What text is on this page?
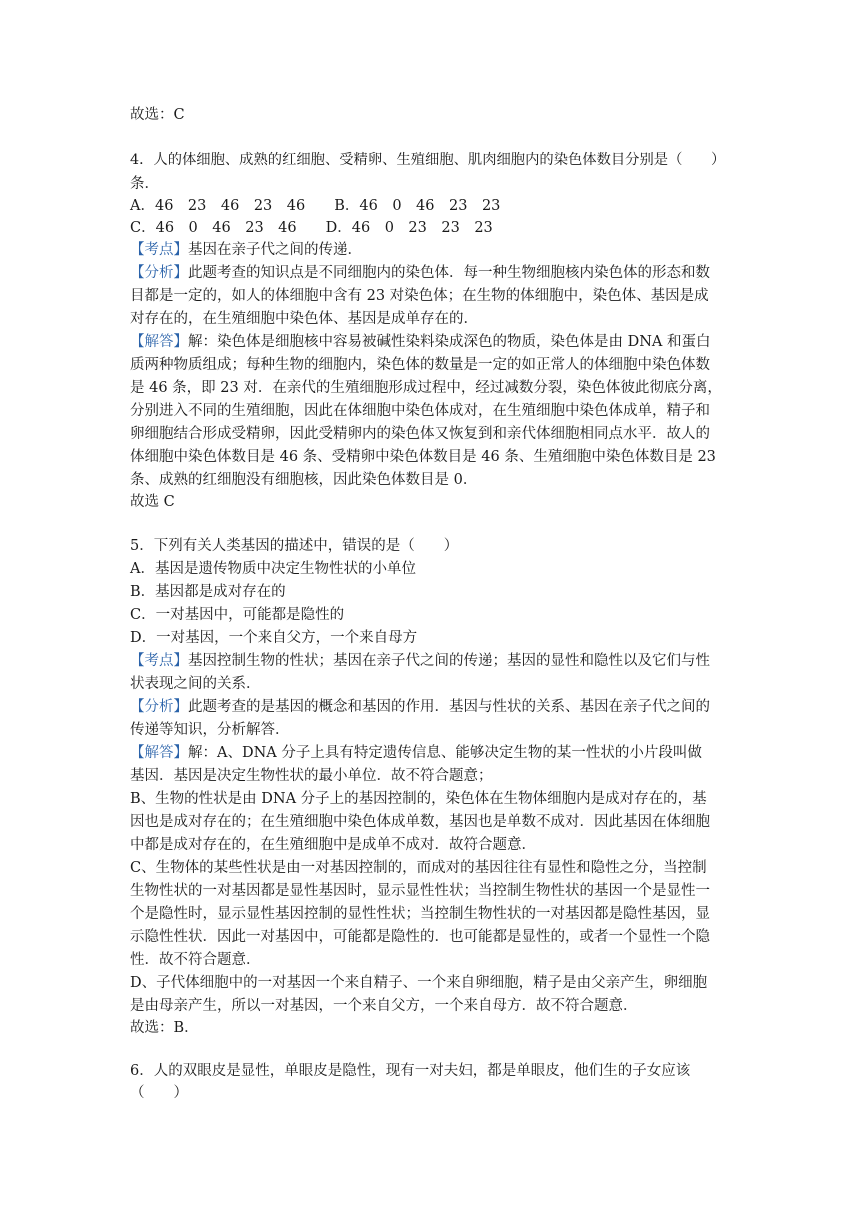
故选：C
4．人的体细胞、成熟的红细胞、受精卵、生殖细胞、肌肉细胞内的染色体数目分别是（　　）
条．
A．46　23　46　23　46　　B．46　0　46　23　23
C．46　0　46　23　46　　D．46　0　23　23　23
【考点】基因在亲子代之间的传递．
【分析】此题考查的知识点是不同细胞内的染色体．每一种生物细胞核内染色体的形态和数
目都是一定的，如人的体细胞中含有 23 对染色体；在生物的体细胞中，染色体、基因是成
对存在的，在生殖细胞中染色体、基因是成单存在的．
【解答】解：染色体是细胞核中容易被碱性染料染成深色的物质，染色体是由 DNA 和蛋白
质两种物质组成；每种生物的细胞内，染色体的数量是一定的如正常人的体细胞中染色体数
是 46 条，即 23 对．在亲代的生殖细胞形成过程中，经过减数分裂，染色体彼此彻底分离，
分别进入不同的生殖细胞，因此在体细胞中染色体成对，在生殖细胞中染色体成单，精子和
卵细胞结合形成受精卵，因此受精卵内的染色体又恢复到和亲代体细胞相同点水平．故人的
体细胞中染色体数目是 46 条、受精卵中染色体数目是 46 条、生殖细胞中染色体数目是 23
条、成熟的红细胞没有细胞核，因此染色体数目是 0．
故选 C
5．下列有关人类基因的描述中，错误的是（　　）
A．基因是遗传物质中决定生物性状的小单位
B．基因都是成对存在的
C．一对基因中，可能都是隐性的
D．一对基因，一个来自父方，一个来自母方
【考点】基因控制生物的性状；基因在亲子代之间的传递；基因的显性和隐性以及它们与性
状表现之间的关系．
【分析】此题考查的是基因的概念和基因的作用．基因与性状的关系、基因在亲子代之间的
传递等知识，分析解答．
【解答】解：A、DNA 分子上具有特定遗传信息、能够决定生物的某一性状的小片段叫做
基因．基因是决定生物性状的最小单位．故不符合题意；
B、生物的性状是由 DNA 分子上的基因控制的，染色体在生物体细胞内是成对存在的，基
因也是成对存在的；在生殖细胞中染色体成单数，基因也是单数不成对．因此基因在体细胞
中都是成对存在的，在生殖细胞中是成单不成对．故符合题意．
C、生物体的某些性状是由一对基因控制的，而成对的基因往往有显性和隐性之分，当控制
生物性状的一对基因都是显性基因时，显示显性性状；当控制生物性状的基因一个是显性一
个是隐性时，显示显性基因控制的显性性状；当控制生物性状的一对基因都是隐性基因，显
示隐性性状．因此一对基因中，可能都是隐性的．也可能都是显性的，或者一个显性一个隐
性．故不符合题意．
D、子代体细胞中的一对基因一个来自精子、一个来自卵细胞，精子是由父亲产生，卵细胞
是由母亲产生，所以一对基因，一个来自父方，一个来自母方．故不符合题意．
故选：B．
6．人的双眼皮是显性，单眼皮是隐性，现有一对夫妇，都是单眼皮，他们生的子女应该
（　　）
